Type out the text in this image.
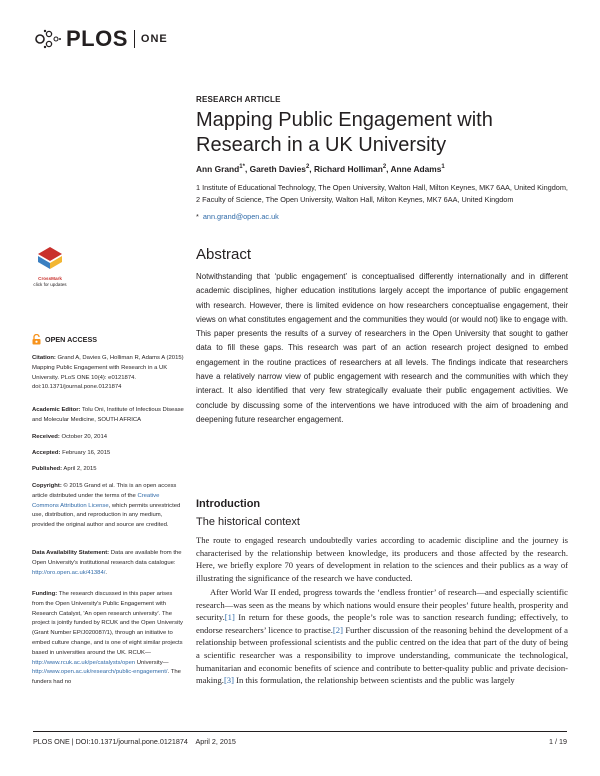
PLOS ONE
RESEARCH ARTICLE
Mapping Public Engagement with Research in a UK University
Ann Grand$^{1*}$, Gareth Davies$^2$, Richard Holliman$^2$, Anne Adams$^1$
1 Institute of Educational Technology, The Open University, Walton Hall, Milton Keynes, MK7 6AA, United Kingdom, 2 Faculty of Science, The Open University, Walton Hall, Milton Keynes, MK7 6AA, United Kingdom
* ann.grand@open.ac.uk
CrossMark
click for updates
Abstract
Notwithstanding that ‘public engagement’ is conceptualised differently internationally and in different academic disciplines, higher education institutions largely accept the importance of public engagement with research. However, there is limited evidence on how researchers conceptualise engagement, their views on what constitutes engagement and the communities they would (or would not) like to engage with. This paper presents the results of a survey of researchers in the Open University that sought to gather data to fill these gaps. This research was part of an action research project designed to embed engagement in the routine practices of researchers at all levels. The findings indicate that researchers have a relatively narrow view of public engagement with research and the communities with which they interact. It also identified that very few strategically evaluate their public engagement activities. We conclude by discussing some of the interventions we have introduced with the aim of broadening and deepening future researcher engagement.
OPEN ACCESS
Citation: Grand A, Davies G, Holliman R, Adams A (2015) Mapping Public Engagement with Research in a UK University. PLoS ONE 10(4): e0121874. doi:10.1371/journal.pone.0121874
Academic Editor: Tolu Oni, Institute of Infectious Disease and Molecular Medicine, SOUTH AFRICA
Received: October 20, 2014
Accepted: February 16, 2015
Published: April 2, 2015
Copyright: © 2015 Grand et al. This is an open access article distributed under the terms of the Creative Commons Attribution License, which permits unrestricted use, distribution, and reproduction in any medium, provided the original author and source are credited.
Data Availability Statement: Data are available from the Open University's institutional research data catalogue: http://oro.open.ac.uk/41384/.
Funding: The research discussed in this paper arises from the Open University's Public Engagement with Research Catalyst, 'An open research university'. The project is jointly funded by RCUK and the Open University (Grant Number EP/J020087/1), through an initiative to embed culture change, and is one of eight similar projects based in universities around the UK. RCUK—http://www.rcuk.ac.uk/pe/catalysts/open University—http://www.open.ac.uk/research/public-engagement/. The funders had no
Introduction
The historical context
The route to engaged research undoubtedly varies according to academic discipline and the journey is characterised by the relationship between knowledge, its producers and those affected by the research. Here, we briefly explore 70 years of development in relation to the sciences and their publics as a way of illustrating the significance of the research we have conducted.
After World War II ended, progress towards the ‘endless frontier’ of research—and especially scientific research—was seen as the means by which nations would ensure their peoples’ future health, prosperity and security.[1] In return for these goods, the people’s role was to sanction research funding; effectively, to endorse researchers’ licence to practise.[2] Further discussion of the reasoning behind the development of a relationship between professional scientists and the public centred on the idea that part of the duty of being a scientific researcher was a responsibility to improve understanding, communicate the technological, humanitarian and economic benefits of science and contribute to better-quality public and private decision-making.[3] In this formulation, the relationship between scientists and the public was largely
PLOS ONE | DOI:10.1371/journal.pone.0121874    April 2, 2015	1 / 19
